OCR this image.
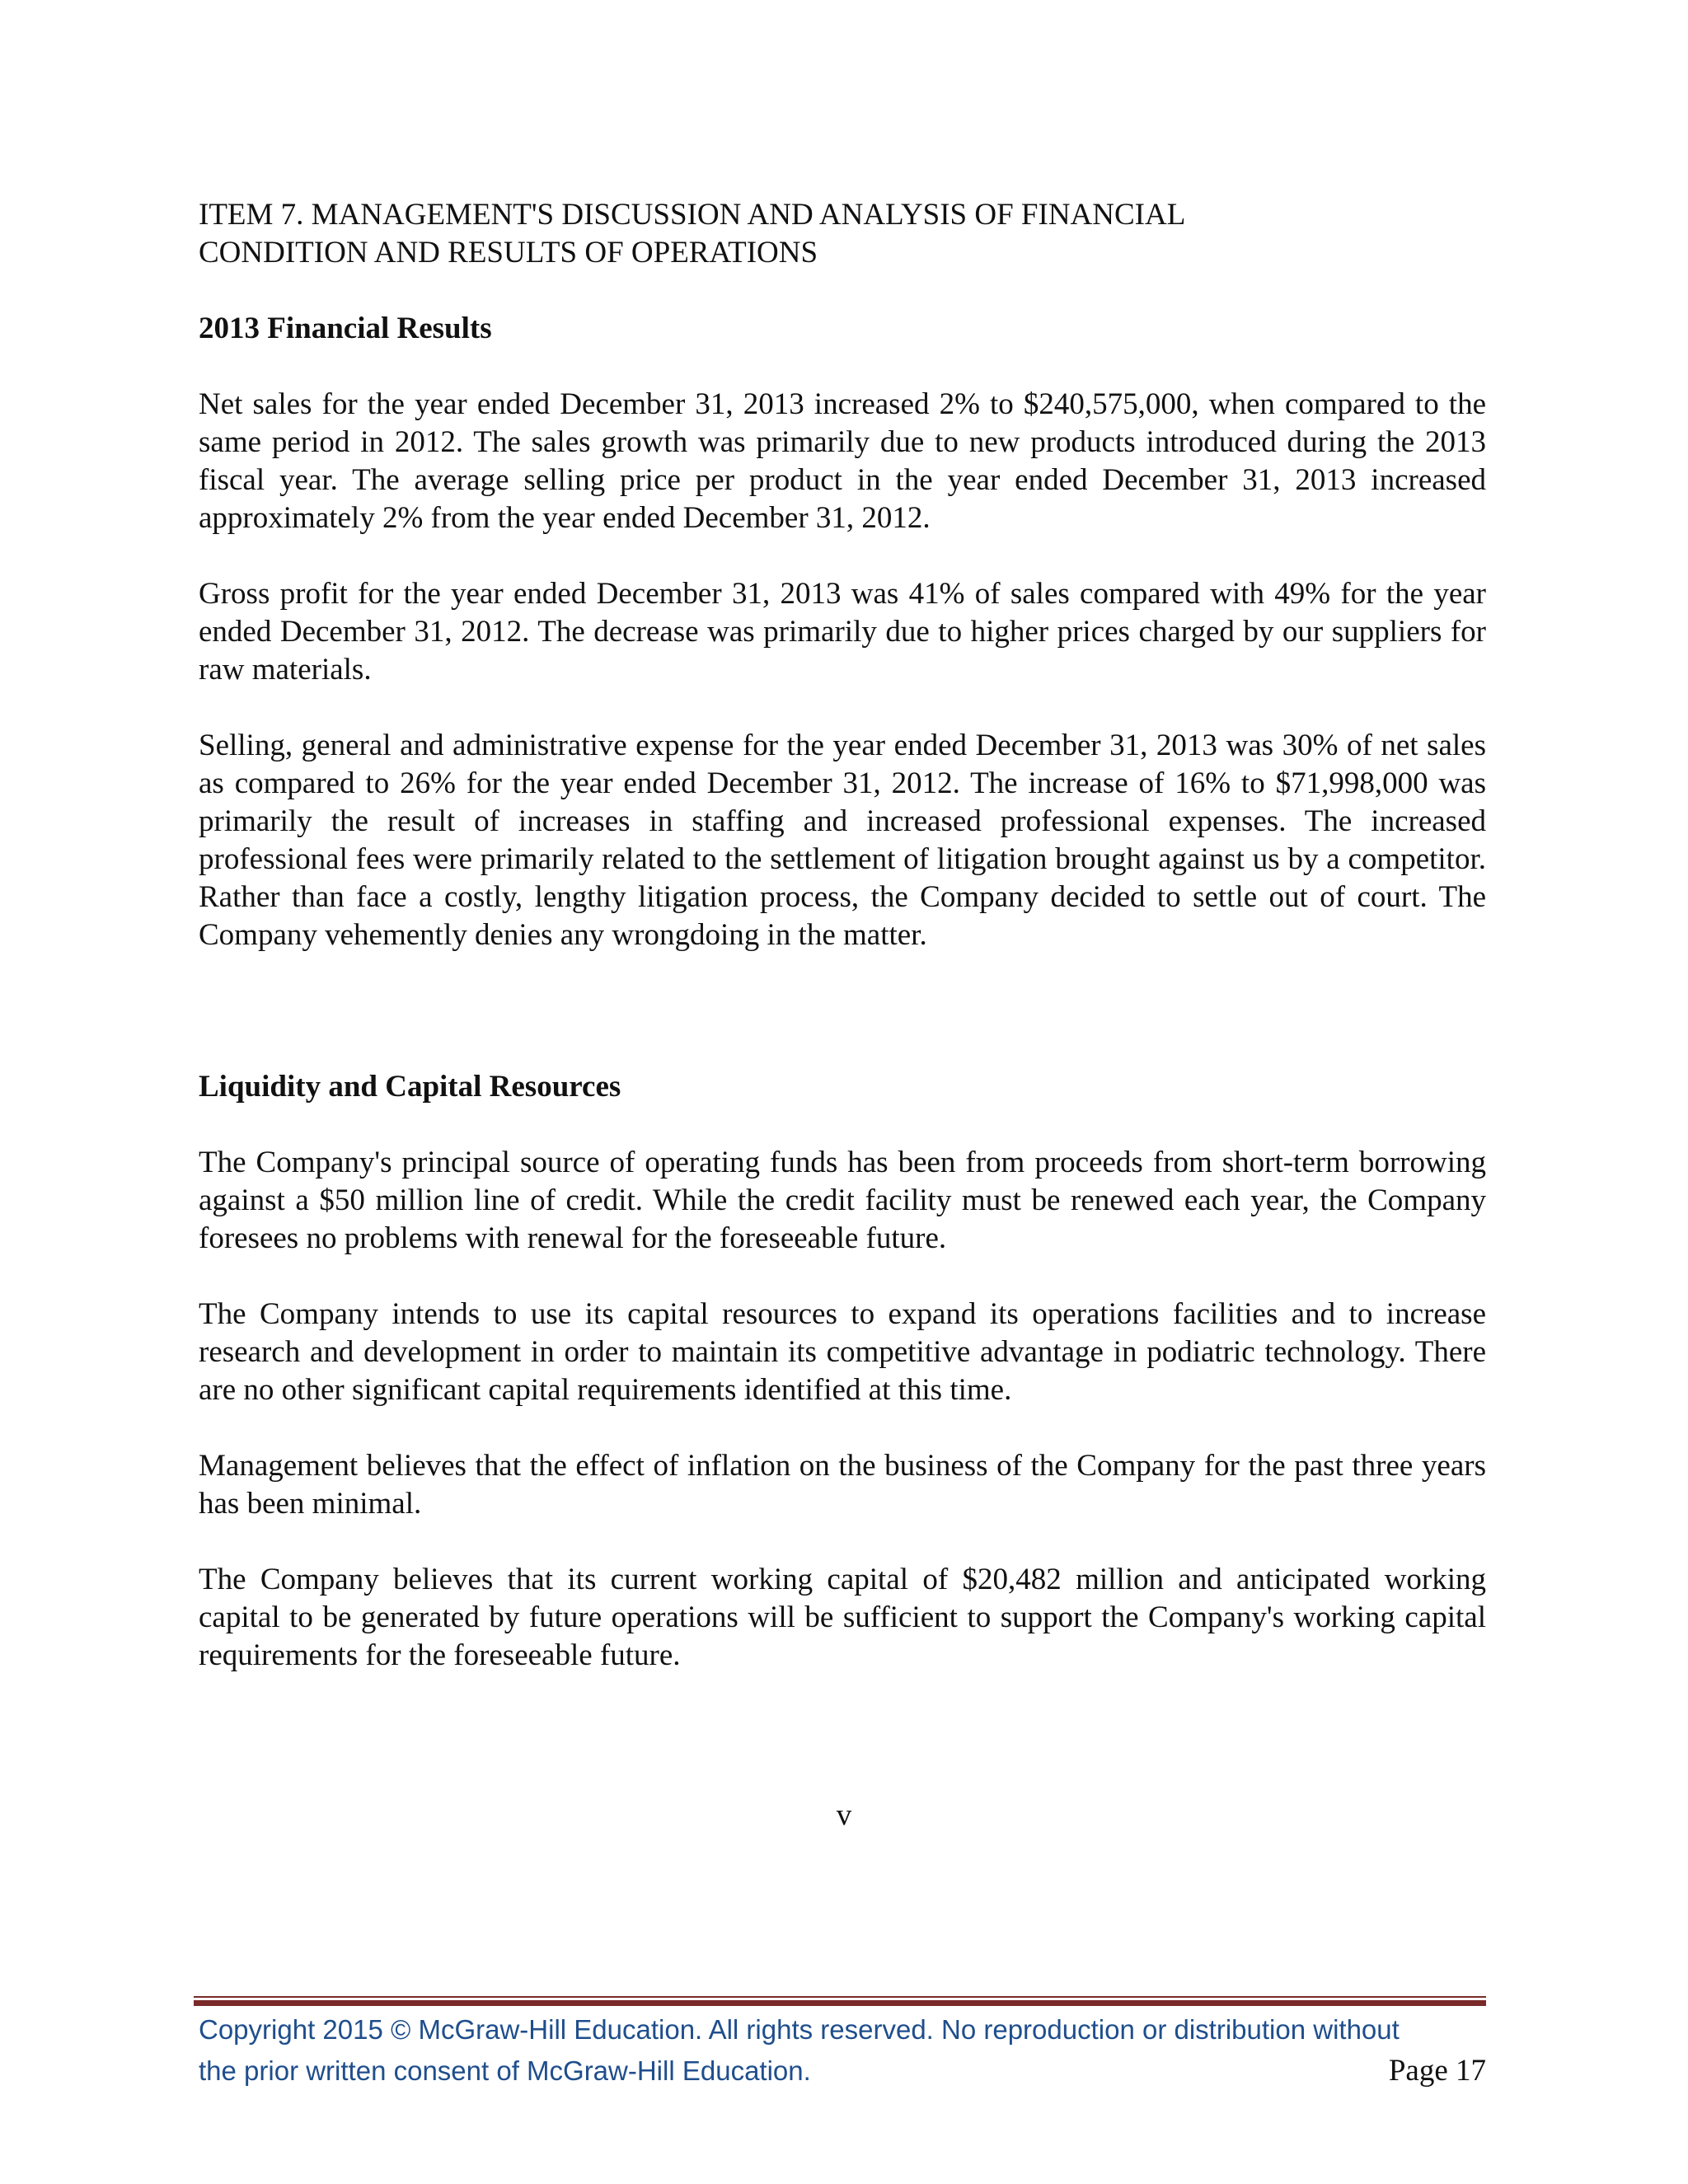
ITEM 7. MANAGEMENT'S DISCUSSION AND ANALYSIS OF FINANCIAL
CONDITION AND RESULTS OF OPERATIONS

2013 Financial Results

Net sales for the year ended December 31, 2013 increased 2% to $240,575,000, when compared to the same period in 2012. The sales growth was primarily due to new products introduced during the 2013 fiscal year. The average selling price per product in the year ended December 31, 2013 increased approximately 2% from the year ended December 31, 2012.

Gross profit for the year ended December 31, 2013 was 41% of sales compared with 49% for the year ended December 31, 2012. The decrease was primarily due to higher prices charged by our suppliers for raw materials.

Selling, general and administrative expense for the year ended December 31, 2013 was 30% of net sales as compared to 26% for the year ended December 31, 2012. The increase of 16% to $71,998,000 was primarily the result of increases in staffing and increased professional expenses. The increased professional fees were primarily related to the settlement of litigation brought against us by a competitor. Rather than face a costly, lengthy litigation process, the Company decided to settle out of court. The Company vehemently denies any wrongdoing in the matter.

Liquidity and Capital Resources

The Company's principal source of operating funds has been from proceeds from short-term borrowing against a $50 million line of credit. While the credit facility must be renewed each year, the Company foresees no problems with renewal for the foreseeable future.

The Company intends to use its capital resources to expand its operations facilities and to increase research and development in order to maintain its competitive advantage in podiatric technology. There are no other significant capital requirements identified at this time.

Management believes that the effect of inflation on the business of the Company for the past three years has been minimal.

The Company believes that its current working capital of $20,482 million and anticipated working capital to be generated by future operations will be sufficient to support the Company's working capital requirements for the foreseeable future.

v
Copyright 2015 © McGraw-Hill Education. All rights reserved. No reproduction or distribution without
the prior written consent of McGraw-Hill Education.	Page 17
